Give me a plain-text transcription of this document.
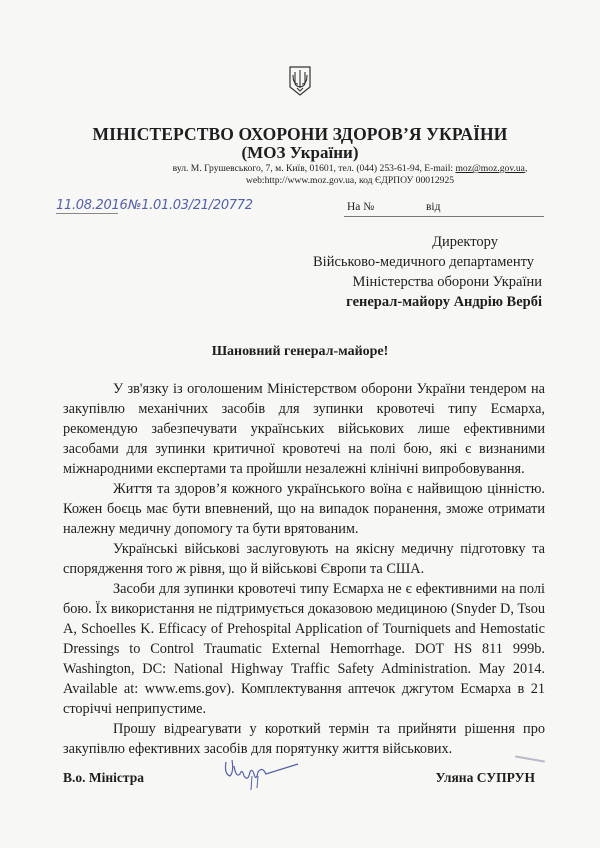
МІНІСТЕРСТВО ОХОРОНИ ЗДОРОВ’Я УКРАЇНИ
(МОЗ України)
вул. М. Грушевського, 7, м. Київ, 01601, тел. (044) 253-61-94, E-mail: moz@moz.gov.ua,
web:http://www.moz.gov.ua, код ЄДРПОУ 00012925
11.08.2016 №1.01.03/21/20772	На №	від
Директору
Військово-медичного департаменту
Міністерства оборони України
генерал-майору Андрію Вербі
Шановний генерал-майоре!

У зв'язку із оголошеним Міністерством оборони України тендером на закупівлю механічних засобів для зупинки кровотечі типу Есмарха, рекомендую забезпечувати українських військових лише ефективними засобами для зупинки критичної кровотечі на полі бою, які є визнаними міжнародними експертами та пройшли незалежні клінічні випробовування.

Життя та здоров’я кожного українського воїна є найвищою цінністю. Кожен боєць має бути впевнений, що на випадок поранення, зможе отримати належну медичну допомогу та бути врятованим.

Українські військові заслуговують на якісну медичну підготовку та спорядження того ж рівня, що й військові Європи та США.

Засоби для зупинки кровотечі типу Есмарха не є ефективними на полі бою. Їх використання не підтримується доказовою медициною (Snyder D, Tsou A, Schoelles K. Efficacy of Prehospital Application of Tourniquets and Hemostatic Dressings to Control Traumatic External Hemorrhage. DOT HS 811 999b. Washington, DC: National Highway Traffic Safety Administration. May 2014. Available at: www.ems.gov). Комплектування аптечок джгутом Есмарха в 21 сторіччі неприпустиме.

Прошу відреагувати у короткий термін та прийняти рішення про закупівлю ефективних засобів для порятунку життя військових.

В.о. Міністра	Уляна СУПРУН
